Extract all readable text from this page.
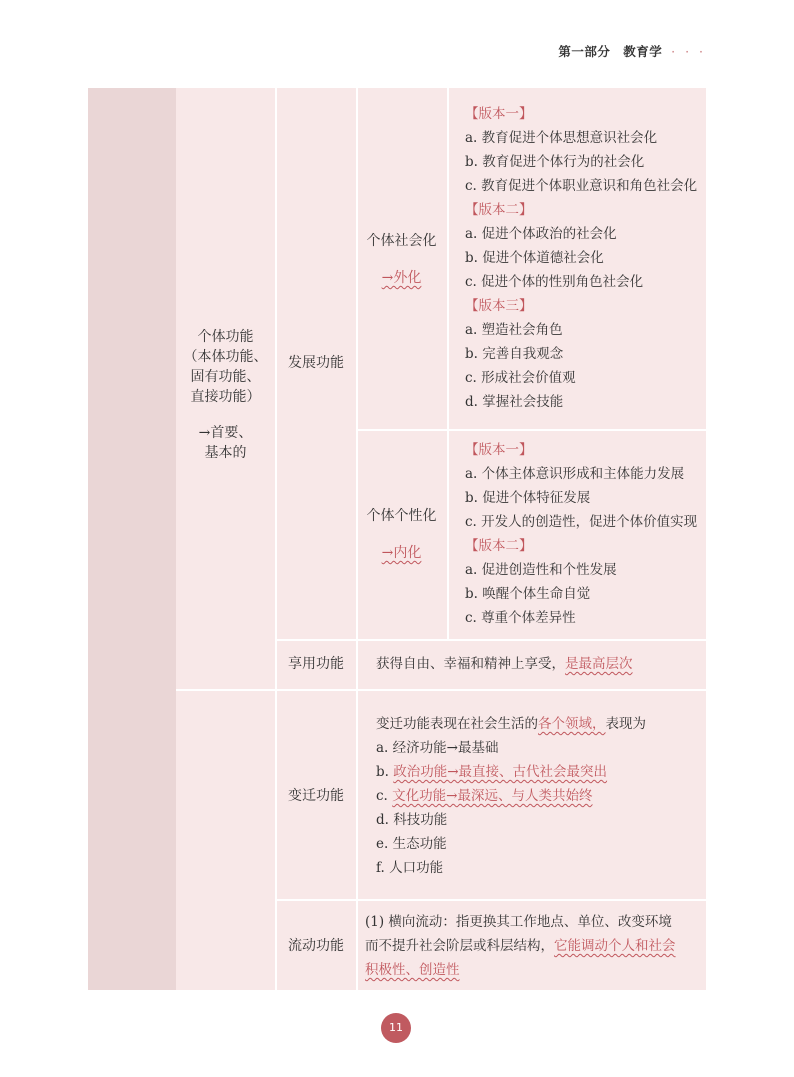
第一部分 教育学 · · ·
个体功能
（本体功能、
固有功能、
直接功能）
→首要、
基本的
发展功能
个体社会化
→外化
【版本一】
a. 教育促进个体思想意识社会化
b. 教育促进个体行为的社会化
c. 教育促进个体职业意识和角色社会化
【版本二】
a. 促进个体政治的社会化
b. 促进个体道德社会化
c. 促进个体的性别角色社会化
【版本三】
a. 塑造社会角色
b. 完善自我观念
c. 形成社会价值观
d. 掌握社会技能
个体个性化
→内化
【版本一】
a. 个体主体意识形成和主体能力发展
b. 促进个体特征发展
c. 开发人的创造性，促进个体价值实现
【版本二】
a. 促进创造性和个性发展
b. 唤醒个体生命自觉
c. 尊重个体差异性
享用功能	获得自由、幸福和精神上享受，是最高层次
变迁功能
变迁功能表现在社会生活的各个领域，表现为
a. 经济功能→最基础
b. 政治功能→最直接、古代社会最突出
c. 文化功能→最深远、与人类共始终
d. 科技功能
e. 生态功能
f. 人口功能
流动功能
(1) 横向流动：指更换其工作地点、单位、改变环境
而不提升社会阶层或科层结构，它能调动个人和社会
积极性、创造性
11
